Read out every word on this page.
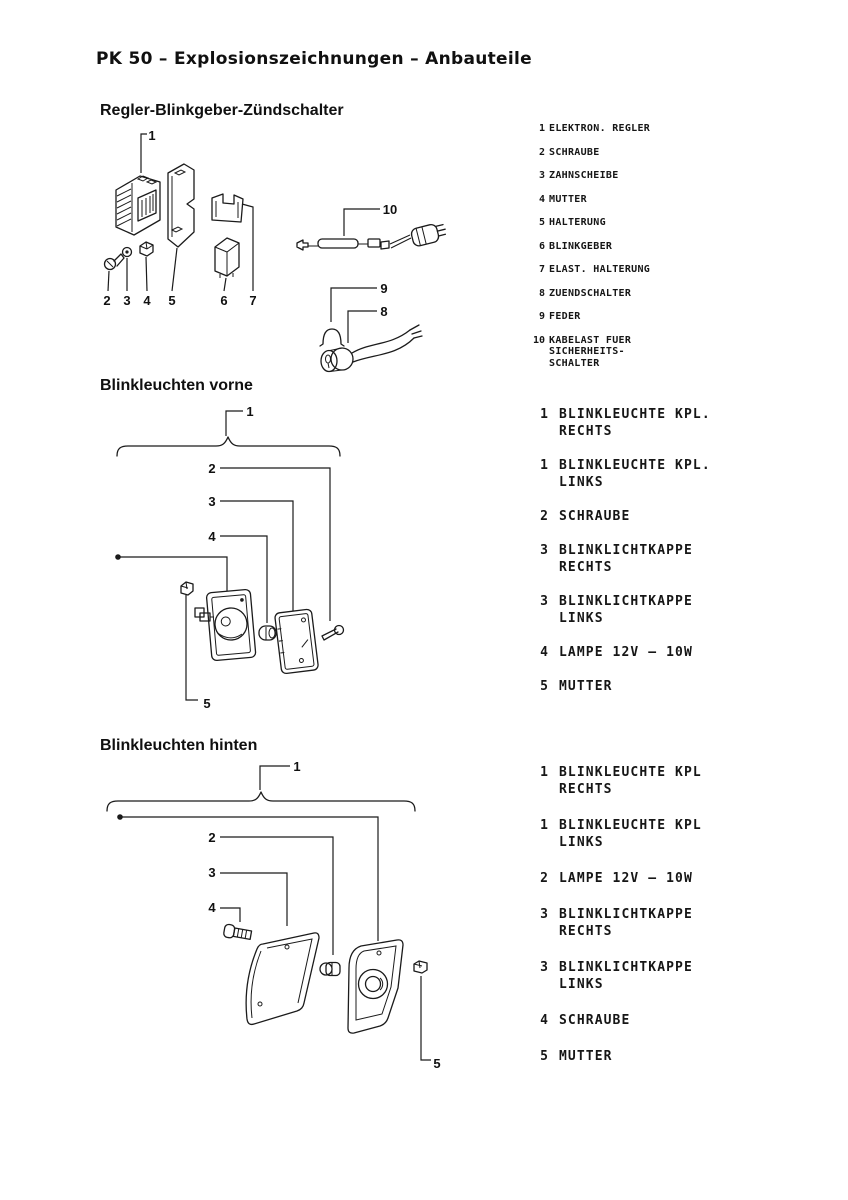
PK 50 – Explosionszeichnungen – Anbauteile
Regler-Blinkgeber-Zündschalter
1
2 3 4 5	6 7
8
9
10
1 ELEKTRON. REGLER
2 SCHRAUBE
3 ZAHNSCHEIBE
4 MUTTER
5 HALTERUNG
6 BLINKGEBER
7 ELAST. HALTERUNG
8 ZUENDSCHALTER
9 FEDER
10 KABELAST FUER
SICHERHEITS-
SCHALTER
Blinkleuchten vorne
1
2
3
4
5
1 BLINKLEUCHTE KPL.
RECHTS
1 BLINKLEUCHTE KPL.
LINKS
2 SCHRAUBE
3 BLINKLICHTKAPPE
RECHTS
3 BLINKLICHTKAPPE
LINKS
4 LAMPE 12V – 10W
5 MUTTER
Blinkleuchten hinten
1
2
3
4
5
1 BLINKLEUCHTE KPL
RECHTS
1 BLINKLEUCHTE KPL
LINKS
2 LAMPE 12V – 10W
3 BLINKLICHTKAPPE
RECHTS
3 BLINKLICHTKAPPE
LINKS
4 SCHRAUBE
5 MUTTER
